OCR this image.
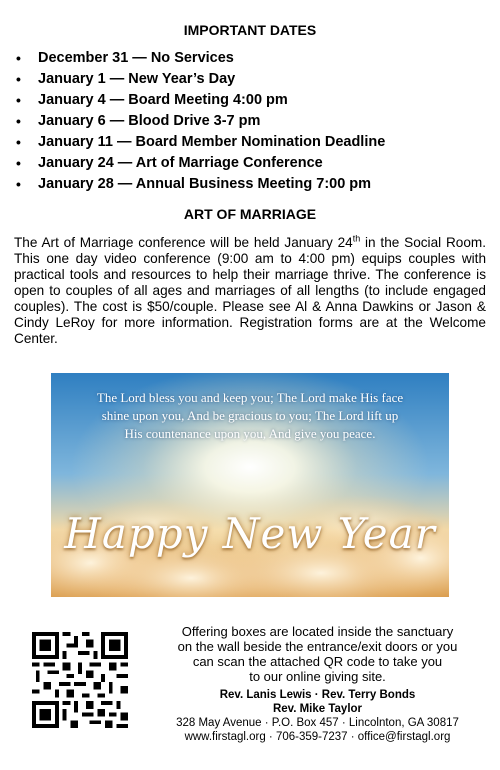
IMPORTANT DATES
• December 31 — No Services
• January 1 — New Year’s Day
• January 4 — Board Meeting 4:00 pm
• January 6 — Blood Drive 3-7 pm
• January 11 — Board Member Nomination Deadline
• January 24 — Art of Marriage Conference
• January 28 — Annual Business Meeting 7:00 pm
ART OF MARRIAGE
The Art of Marriage conference will be held January 24th in the Social Room. This one day video conference (9:00 am to 4:00 pm) equips couples with practical tools and resources to help their marriage thrive. The conference is open to couples of all ages and marriages of all lengths (to include engaged couples). The cost is $50/couple. Please see Al & Anna Dawkins or Jason & Cindy LeRoy for more information. Registration forms are at the Welcome Center.
The Lord bless you and keep you; The Lord make His face
shine upon you, And be gracious to you; The Lord lift up
His countenance upon you, And give you peace.
Happy New Year
Offering boxes are located inside the sanctuary
on the wall beside the entrance/exit doors or you
can scan the attached QR code to take you
to our online giving site.
Rev. Lanis Lewis · Rev. Terry Bonds
Rev. Mike Taylor
328 May Avenue · P.O. Box 457 · Lincolnton, GA 30817
www.firstagl.org · 706-359-7237 · office@firstagl.org
